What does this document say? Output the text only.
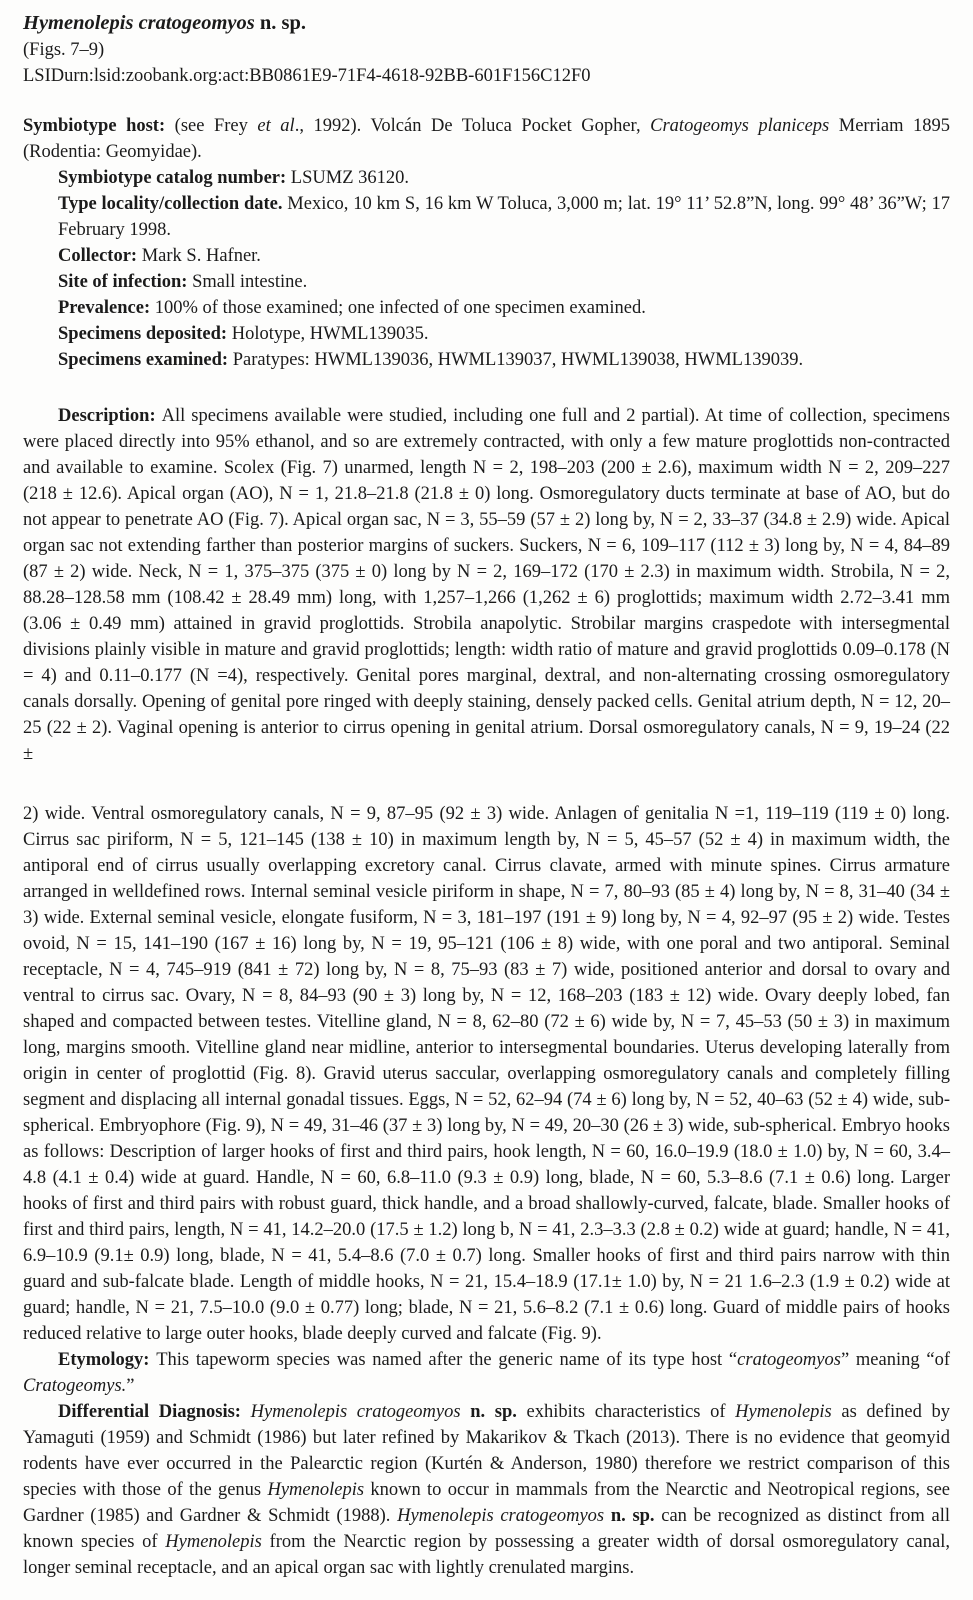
Hymenolepis cratogeomyos n. sp.

(Figs. 7–9)

LSIDurn:lsid:zoobank.org:act:BB0861E9-71F4-4618-92BB-601F156C12F0

Symbiotype host: (see Frey et al., 1992). Volcán De Toluca Pocket Gopher, Cratogeomys planiceps Merriam 1895 (Rodentia: Geomyidae).

Symbiotype catalog number: LSUMZ 36120.

Type locality/collection date. Mexico, 10 km S, 16 km W Toluca, 3,000 m; lat. 19° 11’ 52.8”N, long. 99° 48’ 36”W; 17 February 1998.

Collector: Mark S. Hafner.

Site of infection: Small intestine.

Prevalence: 100% of those examined; one infected of one specimen examined.

Specimens deposited: Holotype, HWML139035.

Specimens examined: Paratypes: HWML139036, HWML139037, HWML139038, HWML139039.

Description: All specimens available were studied, including one full and 2 partial). At time of collection, specimens were placed directly into 95% ethanol, and so are extremely contracted, with only a few mature proglottids non-contracted and available to examine. Scolex (Fig. 7) unarmed, length N = 2, 198–203 (200 ± 2.6), maximum width N = 2, 209–227 (218 ± 12.6). Apical organ (AO), N = 1, 21.8–21.8 (21.8 ± 0) long. Osmoregulatory ducts terminate at base of AO, but do not appear to penetrate AO (Fig. 7). Apical organ sac, N = 3, 55–59 (57 ± 2) long by, N = 2, 33–37 (34.8 ± 2.9) wide. Apical organ sac not extending farther than posterior margins of suckers. Suckers, N = 6, 109–117 (112 ± 3) long by, N = 4, 84–89 (87 ± 2) wide. Neck, N = 1, 375–375 (375 ± 0) long by N = 2, 169–172 (170 ± 2.3) in maximum width. Strobila, N = 2, 88.28–128.58 mm (108.42 ± 28.49 mm) long, with 1,257–1,266 (1,262 ± 6) proglottids; maximum width 2.72–3.41 mm (3.06 ± 0.49 mm) attained in gravid proglottids. Strobila anapolytic. Strobilar margins craspedote with intersegmental divisions plainly visible in mature and gravid proglottids; length: width ratio of mature and gravid proglottids 0.09–0.178 (N = 4) and 0.11–0.177 (N =4), respectively. Genital pores marginal, dextral, and non-alternating crossing osmoregulatory canals dorsally. Opening of genital pore ringed with deeply staining, densely packed cells. Genital atrium depth, N = 12, 20–25 (22 ± 2). Vaginal opening is anterior to cirrus opening in genital atrium. Dorsal osmoregulatory canals, N = 9, 19–24 (22 ±

2) wide. Ventral osmoregulatory canals, N = 9, 87–95 (92 ± 3) wide. Anlagen of genitalia N =1, 119–119 (119 ± 0) long. Cirrus sac piriform, N = 5, 121–145 (138 ± 10) in maximum length by, N = 5, 45–57 (52 ± 4) in maximum width, the antiporal end of cirrus usually overlapping excretory canal. Cirrus clavate, armed with minute spines. Cirrus armature arranged in welldefined rows. Internal seminal vesicle piriform in shape, N = 7, 80–93 (85 ± 4) long by, N = 8, 31–40 (34 ± 3) wide. External seminal vesicle, elongate fusiform, N = 3, 181–197 (191 ± 9) long by, N = 4, 92–97 (95 ± 2) wide. Testes ovoid, N = 15, 141–190 (167 ± 16) long by, N = 19, 95–121 (106 ± 8) wide, with one poral and two antiporal. Seminal receptacle, N = 4, 745–919 (841 ± 72) long by, N = 8, 75–93 (83 ± 7) wide, positioned anterior and dorsal to ovary and ventral to cirrus sac. Ovary, N = 8, 84–93 (90 ± 3) long by, N = 12, 168–203 (183 ± 12) wide. Ovary deeply lobed, fan shaped and compacted between testes. Vitelline gland, N = 8, 62–80 (72 ± 6) wide by, N = 7, 45–53 (50 ± 3) in maximum long, margins smooth. Vitelline gland near midline, anterior to intersegmental boundaries. Uterus developing laterally from origin in center of proglottid (Fig. 8). Gravid uterus saccular, overlapping osmoregulatory canals and completely filling segment and displacing all internal gonadal tissues. Eggs, N = 52, 62–94 (74 ± 6) long by, N = 52, 40–63 (52 ± 4) wide, sub-spherical. Embryophore (Fig. 9), N = 49, 31–46 (37 ± 3) long by, N = 49, 20–30 (26 ± 3) wide, sub-spherical. Embryo hooks as follows: Description of larger hooks of first and third pairs, hook length, N = 60, 16.0–19.9 (18.0 ± 1.0) by, N = 60, 3.4–4.8 (4.1 ± 0.4) wide at guard. Handle, N = 60, 6.8–11.0 (9.3 ± 0.9) long, blade, N = 60, 5.3–8.6 (7.1 ± 0.6) long. Larger hooks of first and third pairs with robust guard, thick handle, and a broad shallowly-curved, falcate, blade. Smaller hooks of first and third pairs, length, N = 41, 14.2–20.0 (17.5 ± 1.2) long b, N = 41, 2.3–3.3 (2.8 ± 0.2) wide at guard; handle, N = 41, 6.9–10.9 (9.1± 0.9) long, blade, N = 41, 5.4–8.6 (7.0 ± 0.7) long. Smaller hooks of first and third pairs narrow with thin guard and sub-falcate blade. Length of middle hooks, N = 21, 15.4–18.9 (17.1± 1.0) by, N = 21 1.6–2.3 (1.9 ± 0.2) wide at guard; handle, N = 21, 7.5–10.0 (9.0 ± 0.77) long; blade, N = 21, 5.6–8.2 (7.1 ± 0.6) long. Guard of middle pairs of hooks reduced relative to large outer hooks, blade deeply curved and falcate (Fig. 9).

Etymology: This tapeworm species was named after the generic name of its type host “cratogeomyos” meaning “of Cratogeomys.”

Differential Diagnosis: Hymenolepis cratogeomyos n. sp. exhibits characteristics of Hymenolepis as defined by Yamaguti (1959) and Schmidt (1986) but later refined by Makarikov & Tkach (2013). There is no evidence that geomyid rodents have ever occurred in the Palearctic region (Kurtén & Anderson, 1980) therefore we restrict comparison of this species with those of the genus Hymenolepis known to occur in mammals from the Nearctic and Neotropical regions, see Gardner (1985) and Gardner & Schmidt (1988). Hymenolepis cratogeomyos n. sp. can be recognized as distinct from all known species of Hymenolepis from the Nearctic region by possessing a greater width of dorsal osmoregulatory canal, longer seminal receptacle, and an apical organ sac with lightly crenulated margins.
